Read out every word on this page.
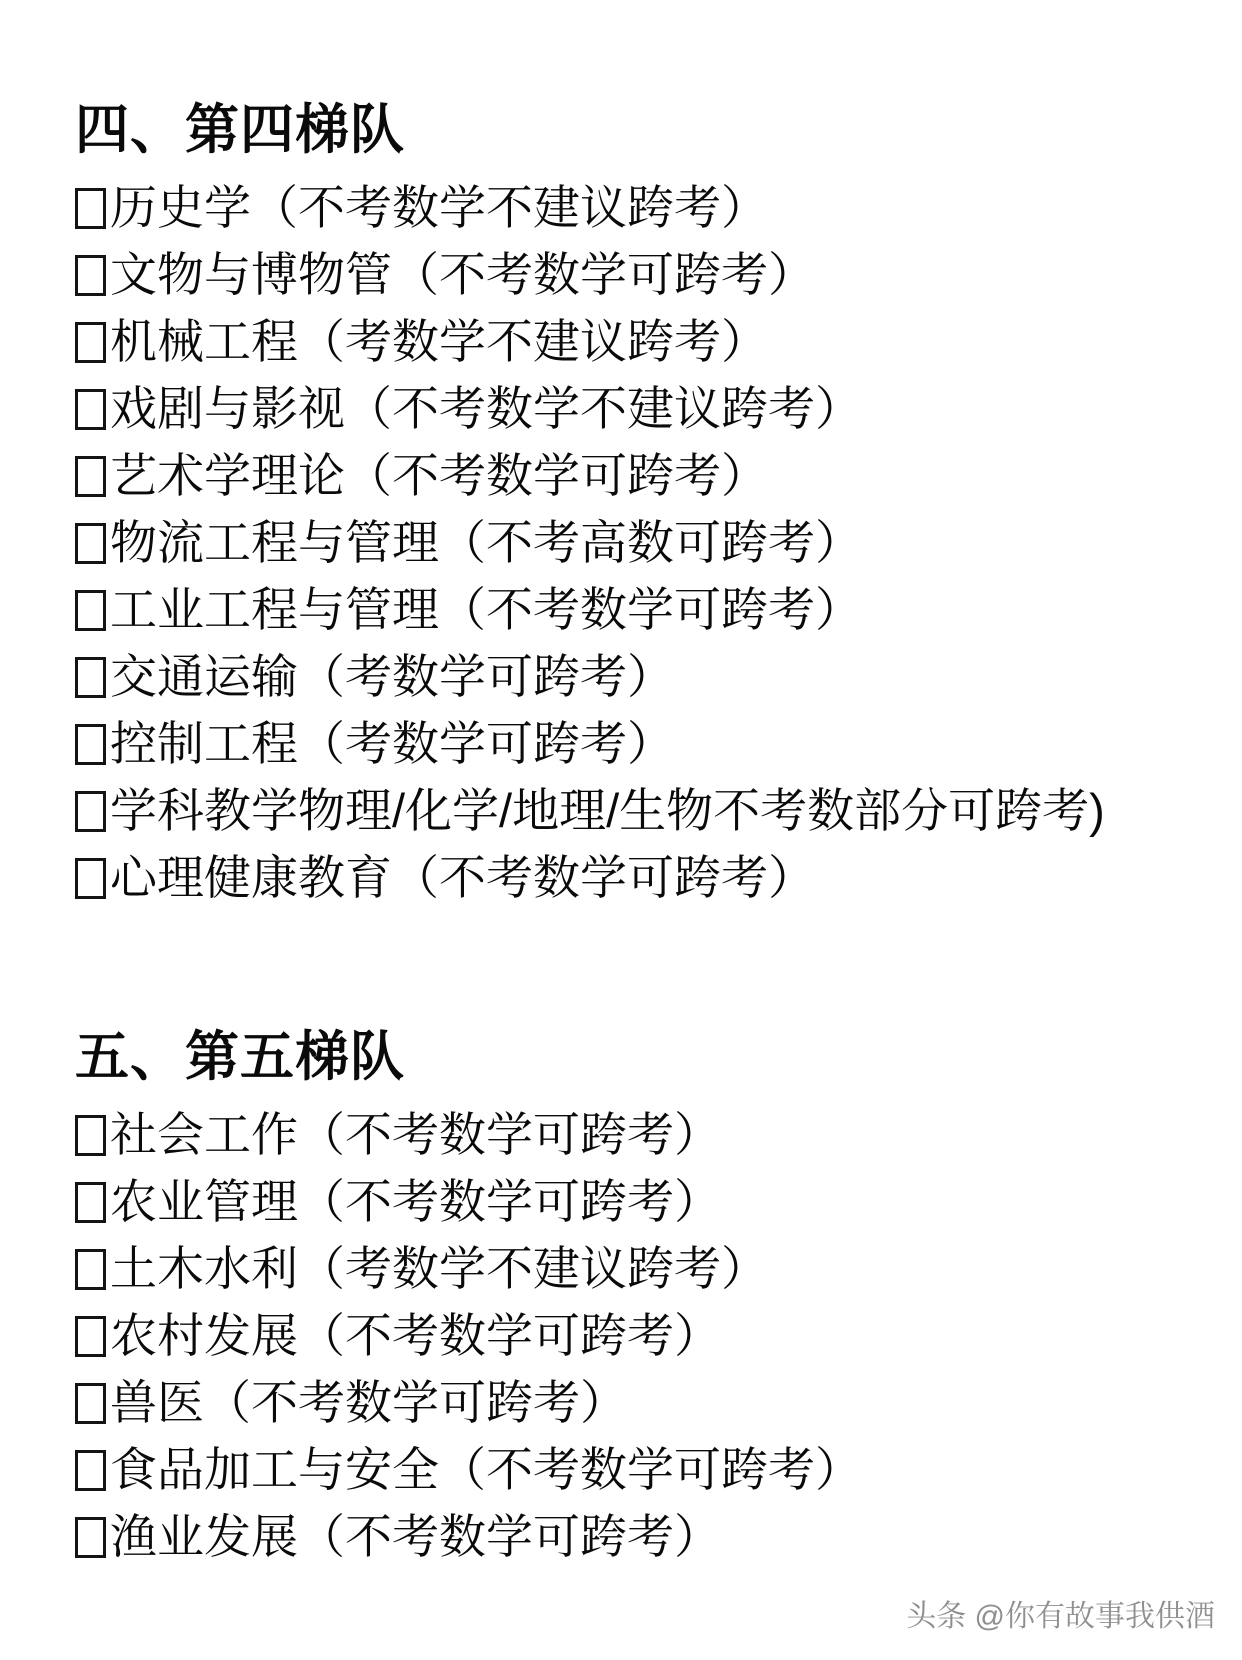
四、第四梯队
历史学（不考数学不建议跨考）
文物与博物管（不考数学可跨考）
机械工程（考数学不建议跨考）
戏剧与影视（不考数学不建议跨考）
艺术学理论（不考数学可跨考）
物流工程与管理（不考高数可跨考）
工业工程与管理（不考数学可跨考）
交通运输（考数学可跨考）
控制工程（考数学可跨考）
学科教学物理/化学/地理/生物不考数部分可跨考)
心理健康教育（不考数学可跨考）
五、第五梯队
社会工作（不考数学可跨考）
农业管理（不考数学可跨考）
土木水利（考数学不建议跨考）
农村发展（不考数学可跨考）
兽医（不考数学可跨考）
食品加工与安全（不考数学可跨考）
渔业发展（不考数学可跨考）
头条 @你有故事我供酒
